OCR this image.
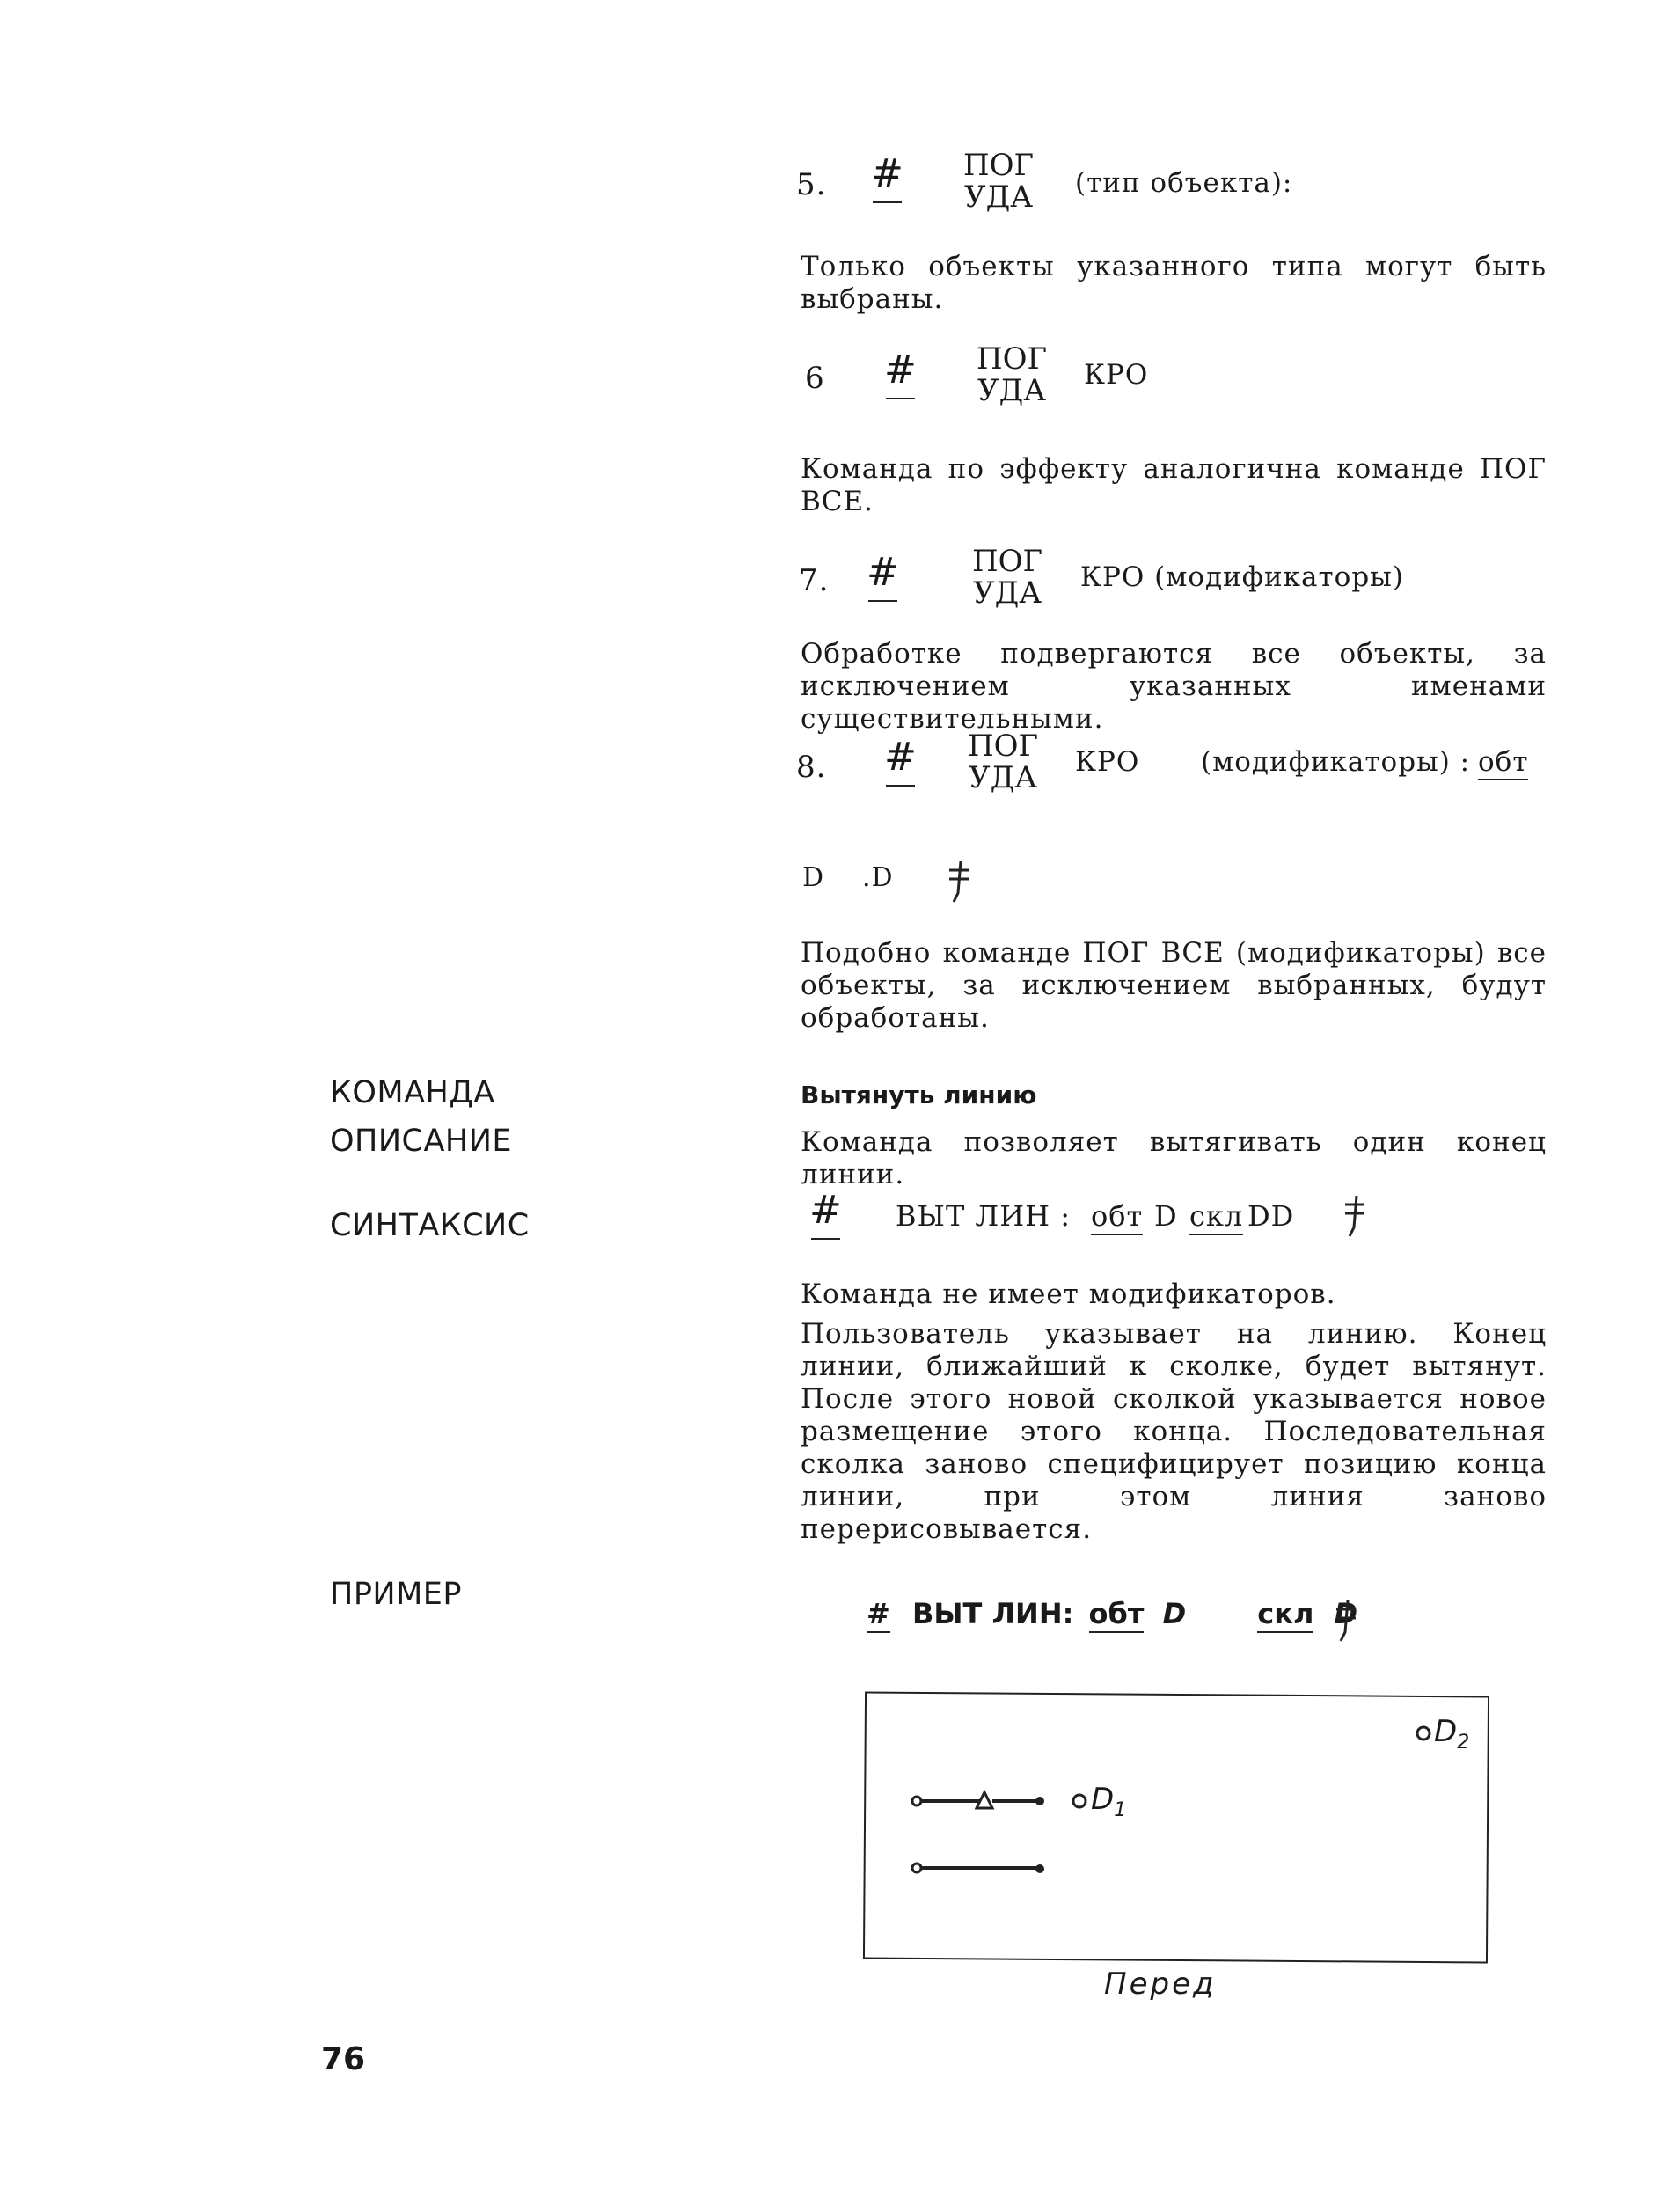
5. # ПОГ
УДА (тип объекта):
Только объекты указанного типа могут быть выбраны.
6 # ПОГ
УДА КРО
Команда по эффекту аналогична команде ПОГ ВСЕ.
7. # ПОГ
УДА КРО (модификаторы)
Обработке подвергаются все объекты, за исключением указанных именами существительными.
8. # ПОГ
УДА КРО (модификаторы) : обт
D .D
Подобно команде ПОГ ВСЕ (модификаторы) все объекты, за исключением выбранных, будут обработаны.
КОМАНДА
ОПИСАНИЕ
СИНТАКСИС
ПРИМЕР
Вытянуть линию
Команда позволяет вытягивать один конец линии.
# ВЫТ ЛИН : обт D скл DD
Команда не имеет модификаторов.
Пользователь указывает на линию. Конец линии, ближайший к сколке, будет вытянут. После этого новой сколкой указывается новое размещение этого конца. Последовательная сколка заново специфицирует позицию конца линии, при этом линия заново перерисовывается.
# ВЫТ ЛИН: обт D	скл D
$D_1$
$D_2$
Перед
76
